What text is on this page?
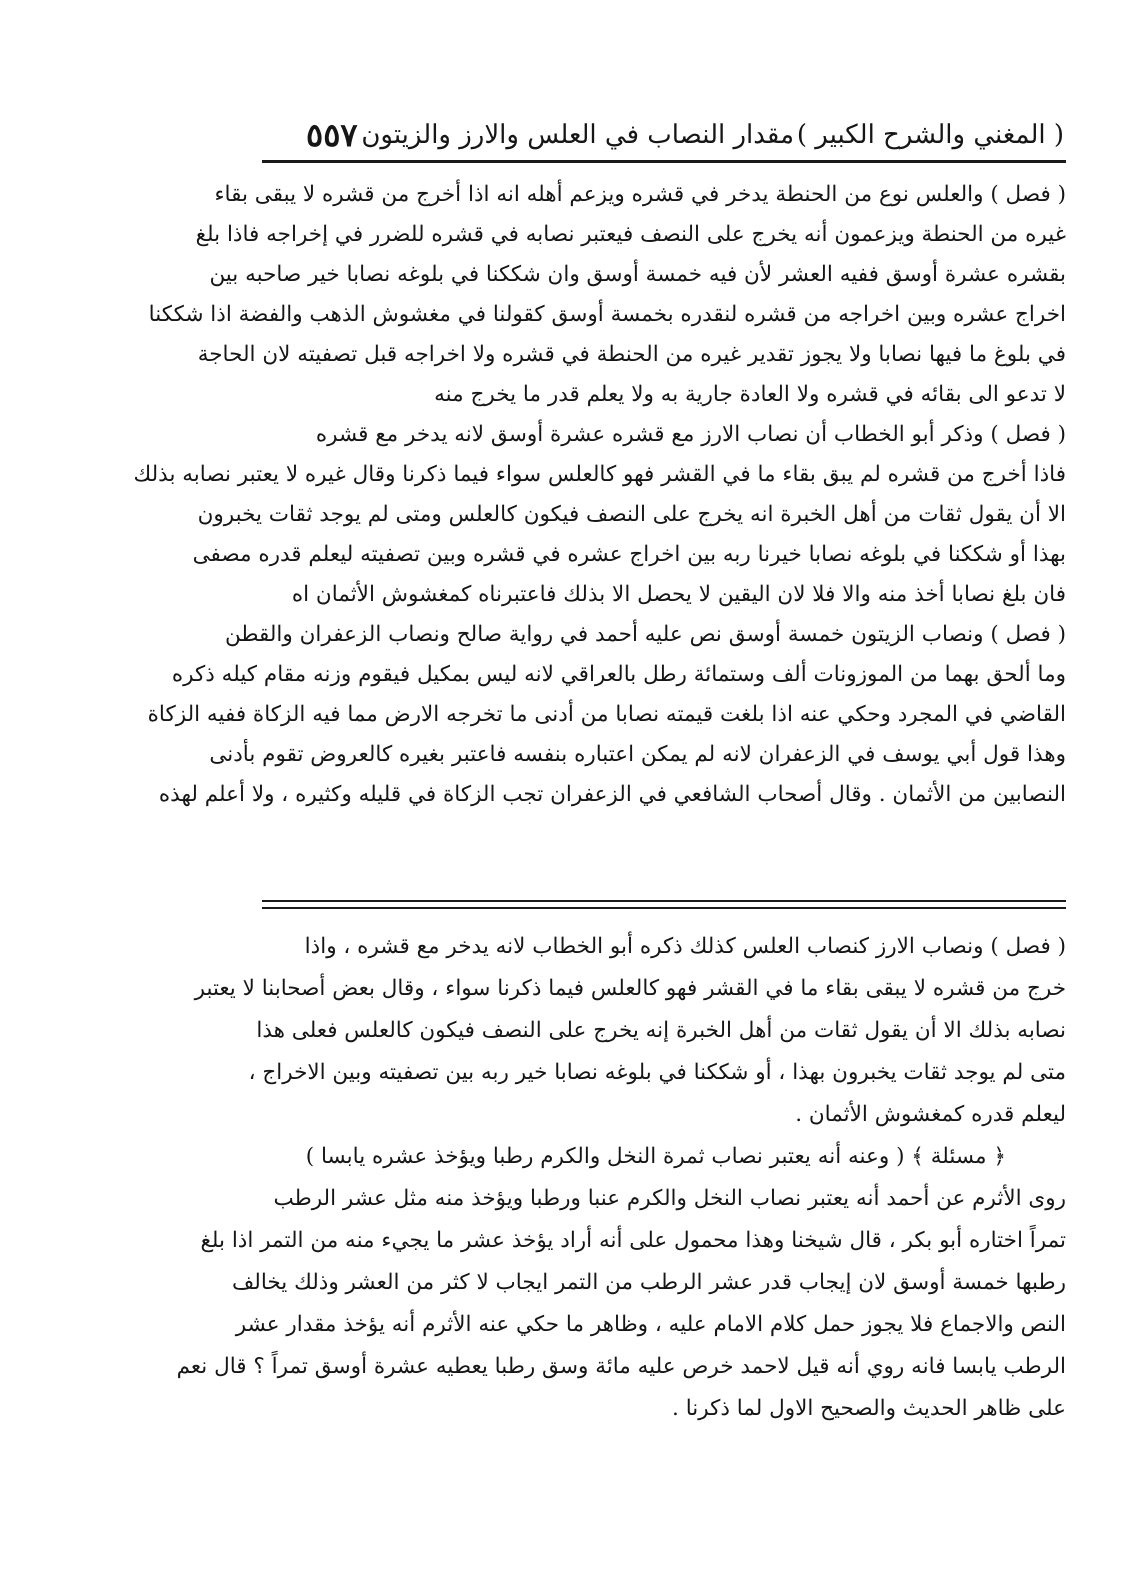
( المغني والشرح الكبير )
مقدار النصاب في العلس والارز والزيتون
٥٥٧
( فصل ) والعلس نوع من الحنطة يدخر في قشره ويزعم أهله انه اذا أخرج من قشره لا يبقى بقاء
غيره من الحنطة ويزعمون أنه يخرج على النصف فيعتبر نصابه في قشره للضرر في إخراجه فاذا بلغ
بقشره عشرة أوسق ففيه العشر لأن فيه خمسة أوسق وان شككنا في بلوغه نصابا خير صاحبه بين
اخراج عشره وبين اخراجه من قشره لنقدره بخمسة أوسق كقولنا في مغشوش الذهب والفضة اذا شككنا
في بلوغ ما فيها نصابا ولا يجوز تقدير غيره من الحنطة في قشره ولا اخراجه قبل تصفيته لان الحاجة
لا تدعو الى بقائه في قشره ولا العادة جارية به ولا يعلم قدر ما يخرج منه
( فصل ) وذكر أبو الخطاب أن نصاب الارز مع قشره عشرة أوسق لانه يدخر مع قشره
فاذا أخرج من قشره لم يبق بقاء ما في القشر فهو كالعلس سواء فيما ذكرنا وقال غيره لا يعتبر نصابه بذلك
الا أن يقول ثقات من أهل الخبرة انه يخرج على النصف فيكون كالعلس ومتى لم يوجد ثقات يخبرون
بهذا أو شككنا في بلوغه نصابا خيرنا ربه بين اخراج عشره في قشره وبين تصفيته ليعلم قدره مصفى
فان بلغ نصابا أخذ منه والا فلا لان اليقين لا يحصل الا بذلك فاعتبرناه كمغشوش الأثمان اه
( فصل ) ونصاب الزيتون خمسة أوسق نص عليه أحمد في رواية صالح ونصاب الزعفران والقطن
وما ألحق بهما من الموزونات ألف وستمائة رطل بالعراقي لانه ليس بمكيل فيقوم وزنه مقام كيله ذكره
القاضي في المجرد وحكي عنه اذا بلغت قيمته نصابا من أدنى ما تخرجه الارض مما فيه الزكاة ففيه الزكاة
وهذا قول أبي يوسف في الزعفران لانه لم يمكن اعتباره بنفسه فاعتبر بغيره كالعروض تقوم بأدنى
النصابين من الأثمان . وقال أصحاب الشافعي في الزعفران تجب الزكاة في قليله وكثيره ، ولا أعلم لهذه
( فصل ) ونصاب الارز كنصاب العلس كذلك ذكره أبو الخطاب لانه يدخر مع قشره ، واذا
خرج من قشره لا يبقى بقاء ما في القشر فهو كالعلس فيما ذكرنا سواء ، وقال بعض أصحابنا لا يعتبر
نصابه بذلك الا أن يقول ثقات من أهل الخبرة إنه يخرج على النصف فيكون كالعلس فعلى هذا
متى لم يوجد ثقات يخبرون بهذا ، أو شككنا في بلوغه نصابا خير ربه بين تصفيته وبين الاخراج ،
ليعلم قدره كمغشوش الأثمان .
﴿ مسئلة ﴾ ( وعنه أنه يعتبر نصاب ثمرة النخل والكرم رطبا ويؤخذ عشره يابسا )
روى الأثرم عن أحمد أنه يعتبر نصاب النخل والكرم عنبا ورطبا ويؤخذ منه مثل عشر الرطب
تمراً اختاره أبو بكر ، قال شيخنا وهذا محمول على أنه أراد يؤخذ عشر ما يجيء منه من التمر اذا بلغ
رطبها خمسة أوسق لان إيجاب قدر عشر الرطب من التمر ايجاب لا كثر من العشر وذلك يخالف
النص والاجماع فلا يجوز حمل كلام الامام عليه ، وظاهر ما حكي عنه الأثرم أنه يؤخذ مقدار عشر
الرطب يابسا فانه روي أنه قيل لاحمد خرص عليه مائة وسق رطبا يعطيه عشرة أوسق تمراً ؟ قال نعم
على ظاهر الحديث والصحيح الاول لما ذكرنا .
